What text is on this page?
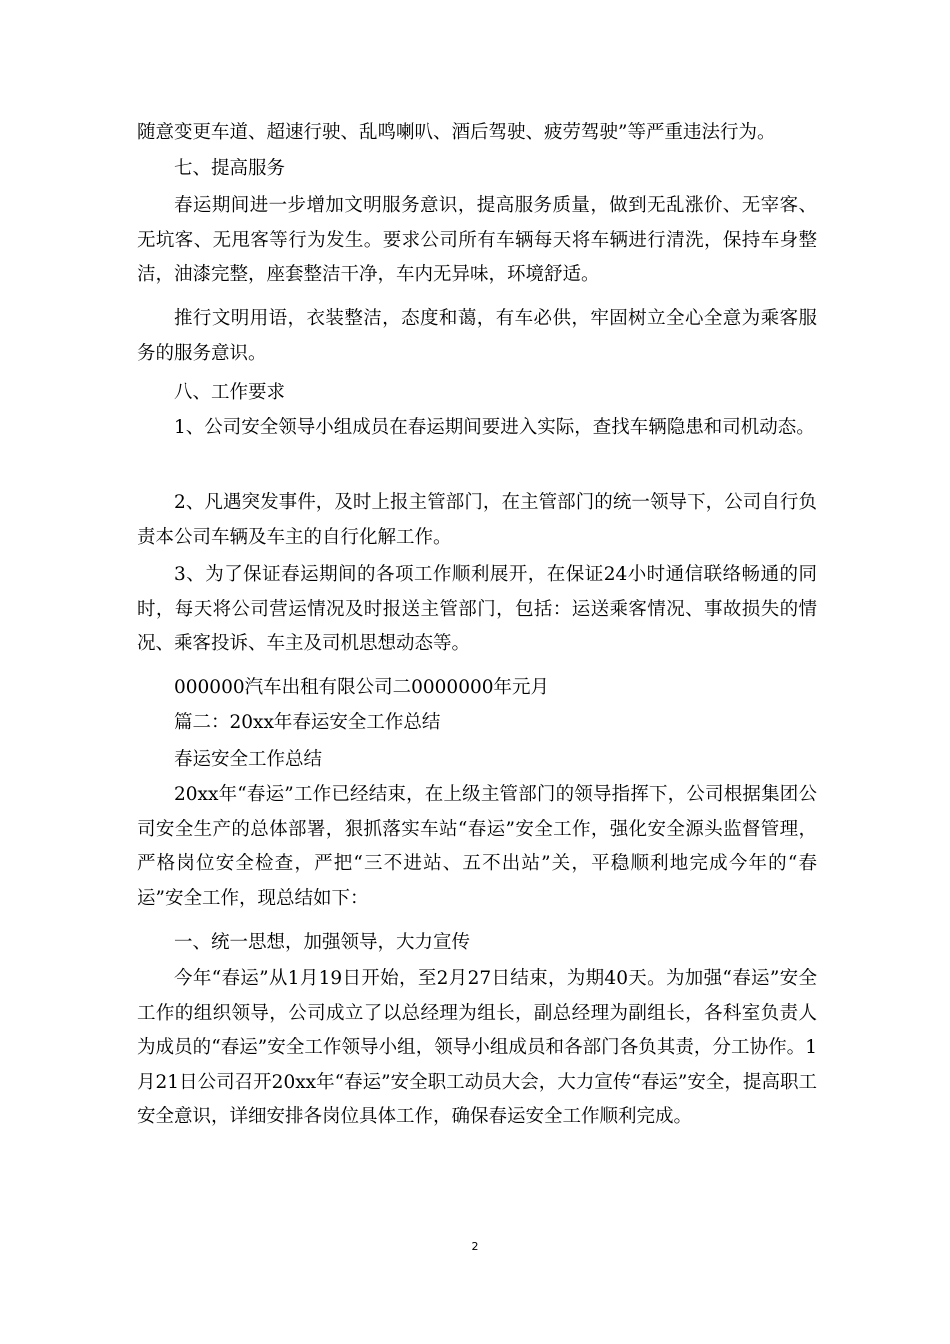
随意变更车道、超速行驶、乱鸣喇叭、酒后驾驶、疲劳驾驶”等严重违法行为。

七、提高服务

春运期间进一步增加文明服务意识，提高服务质量，做到无乱涨价、无宰客、无坑客、无甩客等行为发生。要求公司所有车辆每天将车辆进行清洗，保持车身整洁，油漆完整，座套整洁干净，车内无异味，环境舒适。

推行文明用语，衣装整洁，态度和蔼，有车必供，牢固树立全心全意为乘客服务的服务意识。

八、工作要求

1、公司安全领导小组成员在春运期间要进入实际，查找车辆隐患和司机动态。

2、凡遇突发事件，及时上报主管部门，在主管部门的统一领导下，公司自行负责本公司车辆及车主的自行化解工作。

3、为了保证春运期间的各项工作顺利展开，在保证24小时通信联络畅通的同时，每天将公司营运情况及时报送主管部门，包括：运送乘客情况、事故损失的情况、乘客投诉、车主及司机思想动态等。

000000汽车出租有限公司二0000000年元月

篇二：20xx年春运安全工作总结

春运安全工作总结

20xx年“春运”工作已经结束，在上级主管部门的领导指挥下，公司根据集团公司安全生产的总体部署，狠抓落实车站“春运”安全工作，强化安全源头监督管理，严格岗位安全检查，严把“三不进站、五不出站”关，平稳顺利地完成今年的“春运”安全工作，现总结如下：

一、统一思想，加强领导，大力宣传

今年“春运”从1月19日开始，至2月27日结束，为期40天。为加强“春运”安全工作的组织领导，公司成立了以总经理为组长，副总经理为副组长，各科室负责人为成员的“春运”安全工作领导小组，领导小组成员和各部门各负其责，分工协作。1月21日公司召开20xx年“春运”安全职工动员大会，大力宣传“春运”安全，提高职工安全意识，详细安排各岗位具体工作，确保春运安全工作顺利完成。

2
